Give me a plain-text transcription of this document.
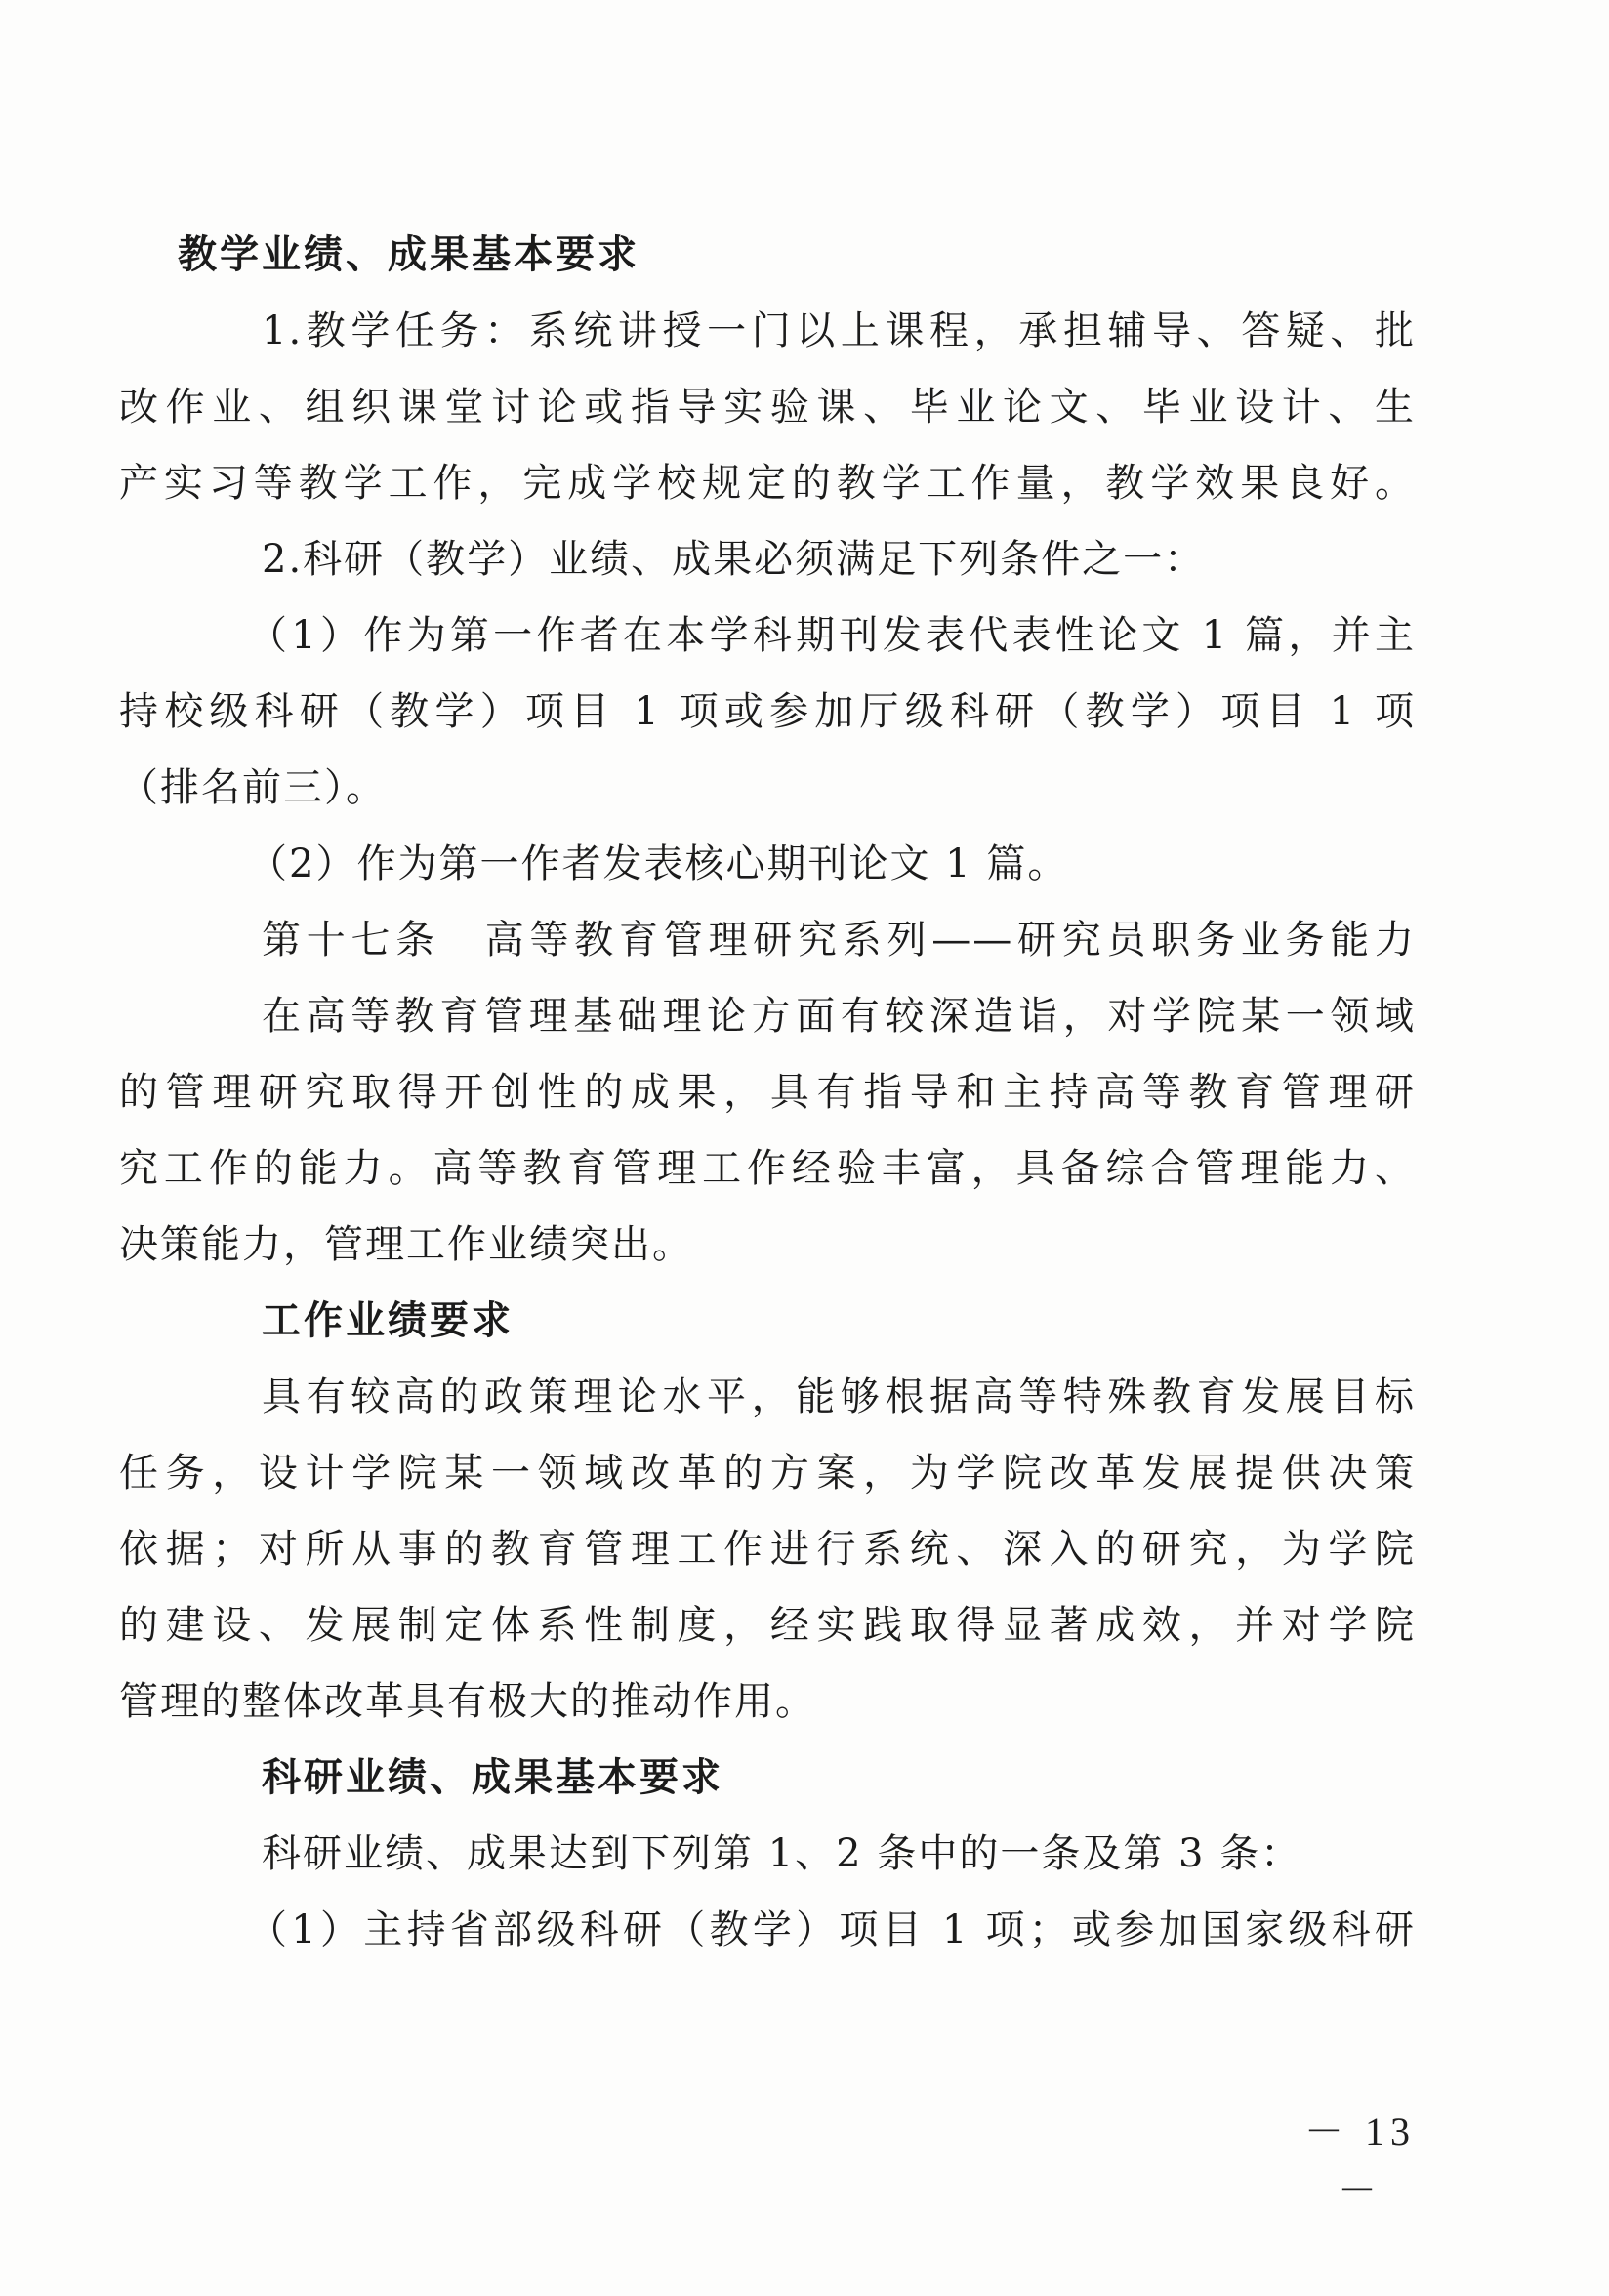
教学业绩、成果基本要求
1.教学任务：系统讲授一门以上课程，承担辅导、答疑、批
改作业、组织课堂讨论或指导实验课、毕业论文、毕业设计、生
产实习等教学工作，完成学校规定的教学工作量，教学效果良好。
2.科研（教学）业绩、成果必须满足下列条件之一：
（1）作为第一作者在本学科期刊发表代表性论文 1 篇，并主
持校级科研（教学）项目 1 项或参加厅级科研（教学）项目 1 项
（排名前三）。
（2）作为第一作者发表核心期刊论文 1 篇。
第十七条　高等教育管理研究系列——研究员职务业务能力
在高等教育管理基础理论方面有较深造诣，对学院某一领域
的管理研究取得开创性的成果，具有指导和主持高等教育管理研
究工作的能力。高等教育管理工作经验丰富，具备综合管理能力、
决策能力，管理工作业绩突出。
工作业绩要求
具有较高的政策理论水平，能够根据高等特殊教育发展目标
任务，设计学院某一领域改革的方案，为学院改革发展提供决策
依据；对所从事的教育管理工作进行系统、深入的研究，为学院
的建设、发展制定体系性制度，经实践取得显著成效，并对学院
管理的整体改革具有极大的推动作用。
科研业绩、成果基本要求
科研业绩、成果达到下列第 1、2 条中的一条及第 3 条：
（1）主持省部级科研（教学）项目 1 项；或参加国家级科研
－ 13 －
